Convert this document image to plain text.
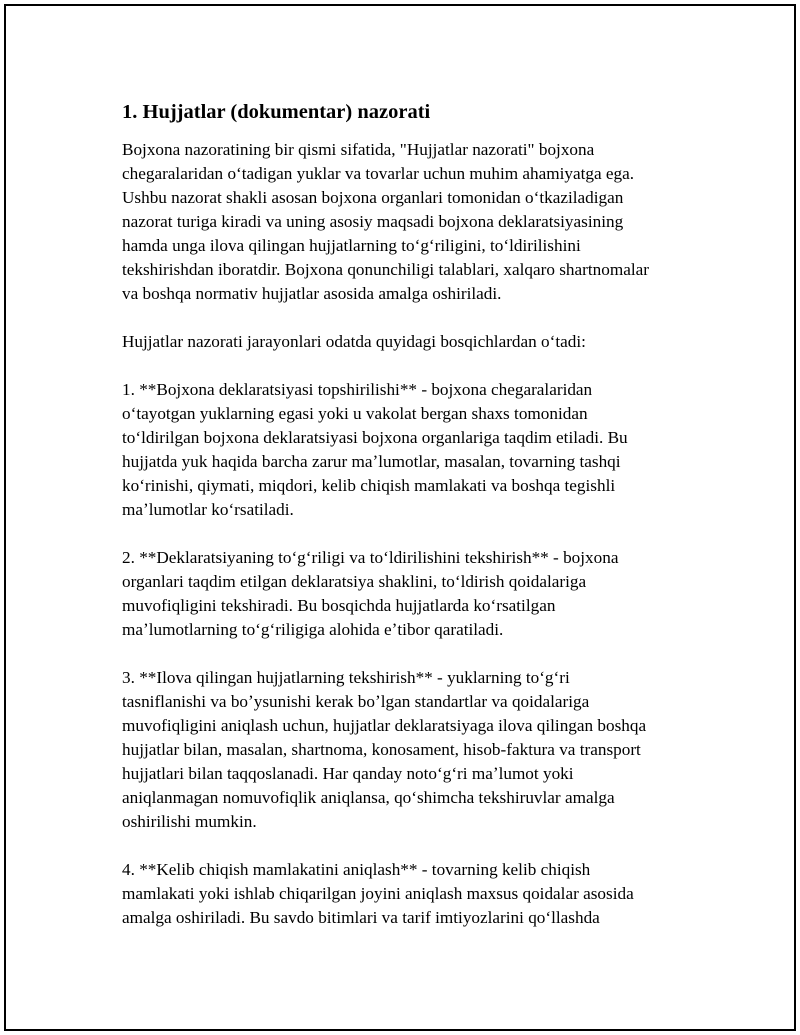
1. Hujjatlar (dokumentar) nazorati

Bojxona nazoratining bir qismi sifatida, "Hujjatlar nazorati" bojxona
chegaralaridan oʻtadigan yuklar va tovarlar uchun muhim ahamiyatga ega.
Ushbu nazorat shakli asosan bojxona organlari tomonidan oʻtkaziladigan
nazorat turiga kiradi va uning asosiy maqsadi bojxona deklaratsiyasining
hamda unga ilova qilingan hujjatlarning toʻgʻriligini, toʻldirilishini
tekshirishdan iboratdir. Bojxona qonunchiligi talablari, xalqaro shartnomalar
va boshqa normativ hujjatlar asosida amalga oshiriladi.

Hujjatlar nazorati jarayonlari odatda quyidagi bosqichlardan oʻtadi:

1. **Bojxona deklaratsiyasi topshirilishi** - bojxona chegaralaridan
oʻtayotgan yuklarning egasi yoki u vakolat bergan shaxs tomonidan
toʻldirilgan bojxona deklaratsiyasi bojxona organlariga taqdim etiladi. Bu
hujjatda yuk haqida barcha zarur maʼlumotlar, masalan, tovarning tashqi
koʻrinishi, qiymati, miqdori, kelib chiqish mamlakati va boshqa tegishli
maʼlumotlar koʻrsatiladi.

2. **Deklaratsiyaning toʻgʻriligi va toʻldirilishini tekshirish** - bojxona
organlari taqdim etilgan deklaratsiya shaklini, toʻldirish qoidalariga
muvofiqligini tekshiradi. Bu bosqichda hujjatlarda koʻrsatilgan
maʼlumotlarning toʻgʻriligiga alohida eʼtibor qaratiladi.

3. **Ilova qilingan hujjatlarning tekshirish** - yuklarning toʻgʻri
tasniflanishi va boʼysunishi kerak boʼlgan standartlar va qoidalariga
muvofiqligini aniqlash uchun, hujjatlar deklaratsiyaga ilova qilingan boshqa
hujjatlar bilan, masalan, shartnoma, konosament, hisob-faktura va transport
hujjatlari bilan taqqoslanadi. Har qanday notoʻgʻri maʼlumot yoki
aniqlanmagan nomuvofiqlik aniqlansa, qoʻshimcha tekshiruvlar amalga
oshirilishi mumkin.

4. **Kelib chiqish mamlakatini aniqlash** - tovarning kelib chiqish
mamlakati yoki ishlab chiqarilgan joyini aniqlash maxsus qoidalar asosida
amalga oshiriladi. Bu savdo bitimlari va tarif imtiyozlarini qoʻllashda
